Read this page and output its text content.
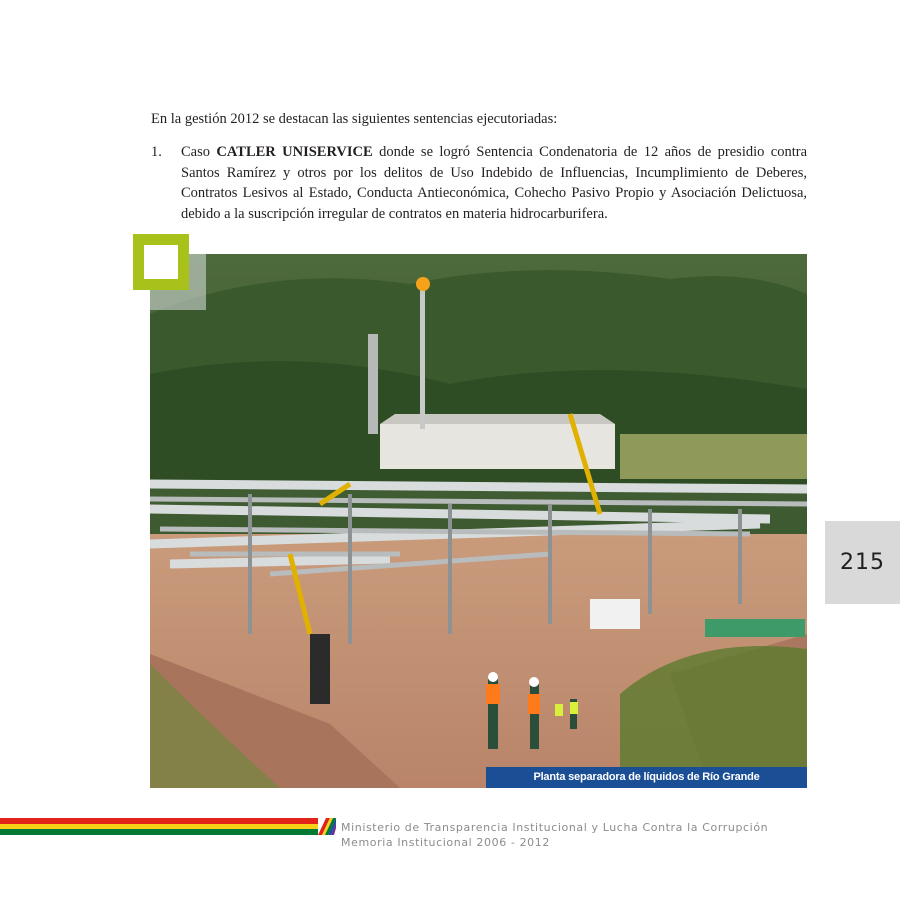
En la gestión 2012 se destacan las siguientes sentencias ejecutoriadas:

1.	Caso CATLER UNISERVICE donde se logró Sentencia Condenatoria de 12 años de presidio contra Santos Ramírez y otros por los delitos de Uso Indebido de Influencias, Incumplimiento de Deberes, Contratos Lesivos al Estado, Conducta Antieconómica, Cohecho Pasivo Propio y Asociación Delictuosa, debido a la suscripción irregular de contratos en materia hidrocarburifera.
Planta separadora de líquidos de Río Grande
215
Ministerio de Transparencia Institucional y Lucha Contra la Corrupción
Memoria Institucional 2006 - 2012
